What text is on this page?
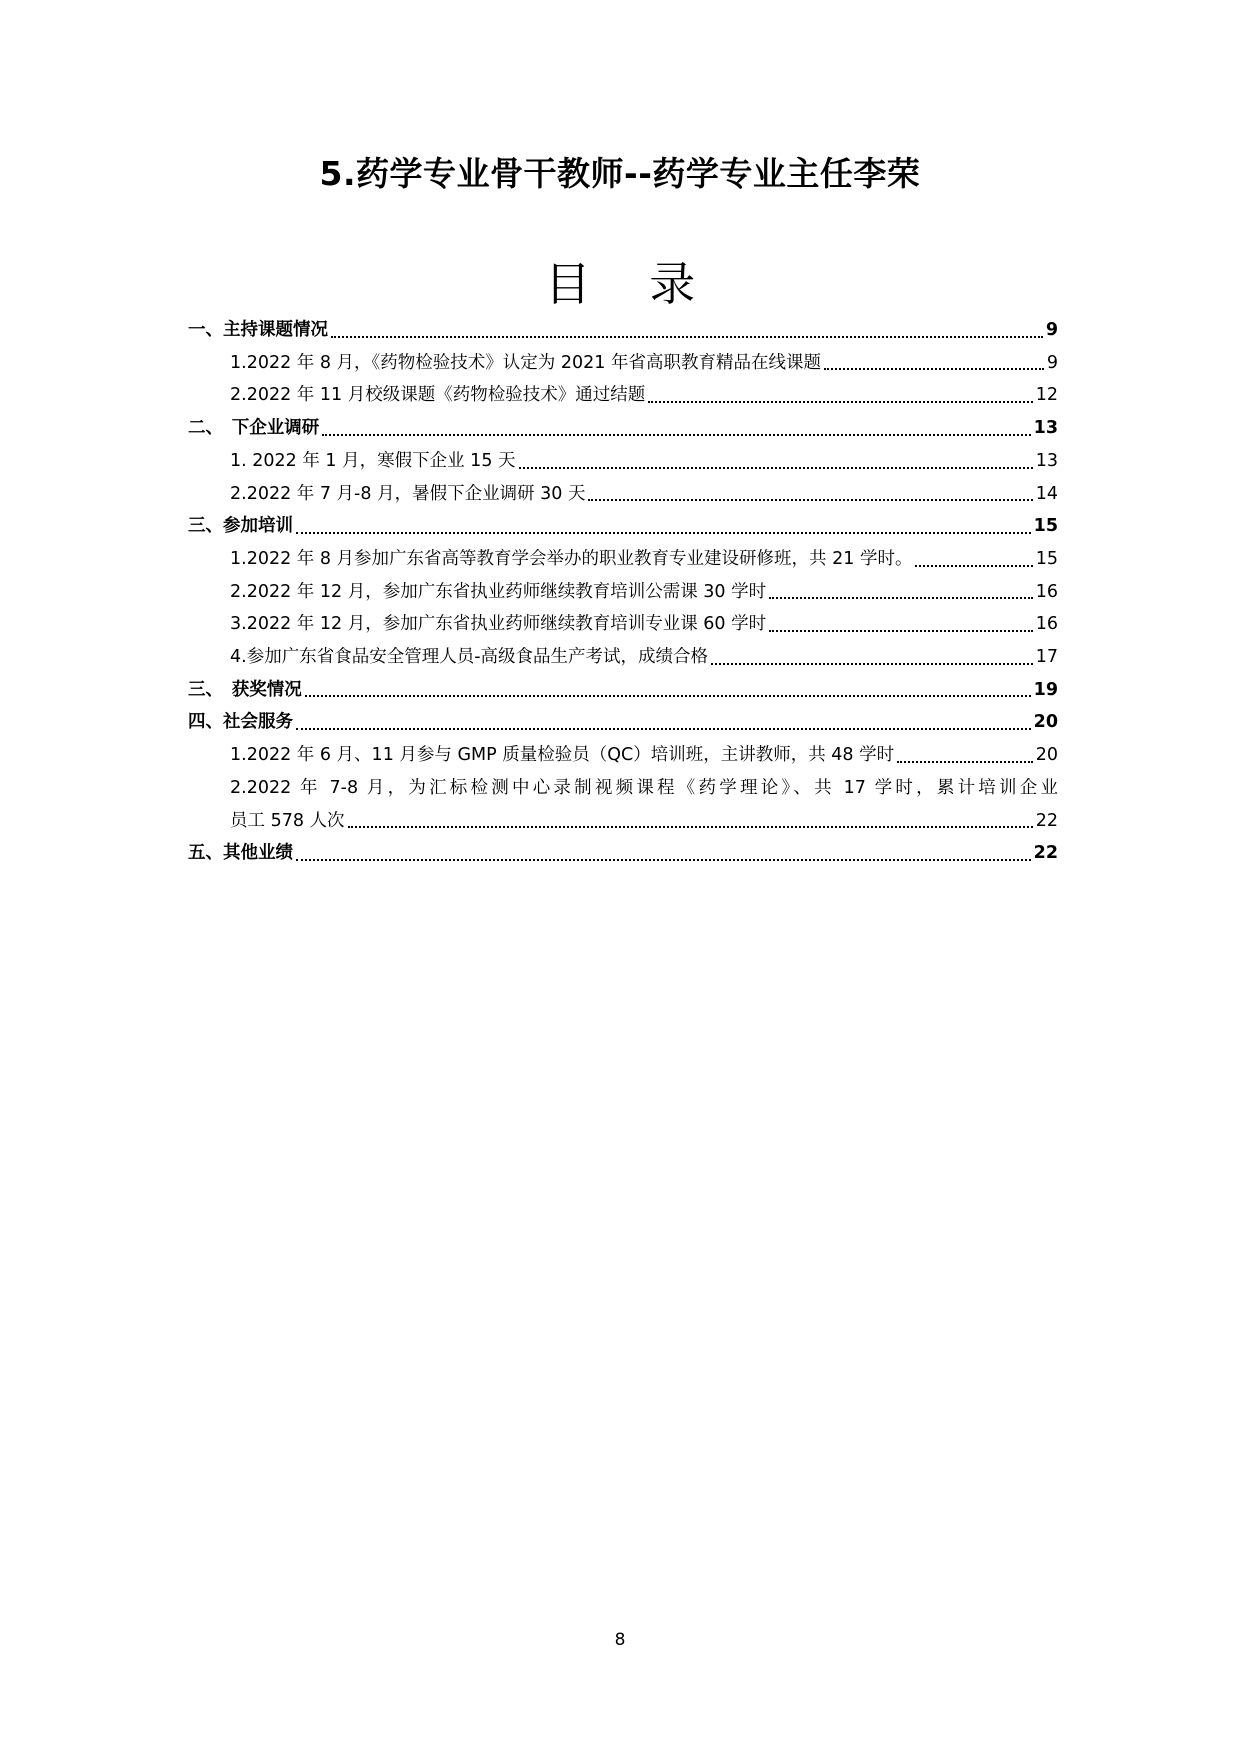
5.药学专业骨干教师--药学专业主任李荣
目 录
一、主持课题情况	9
1.2022 年 8 月，《药物检验技术》认定为 2021 年省高职教育精品在线课题	9
2.2022 年 11 月校级课题《药物检验技术》通过结题	12
二、　下企业调研	13
1. 2022 年 1 月，寒假下企业 15 天	13
2.2022 年 7 月-8 月，暑假下企业调研 30 天	14
三、参加培训	15
1.2022 年 8 月参加广东省高等教育学会举办的职业教育专业建设研修班，共 21 学时。	15
2.2022 年 12 月，参加广东省执业药师继续教育培训公需课 30 学时	16
3.2022 年 12 月，参加广东省执业药师继续教育培训专业课 60 学时	16
4.参加广东省食品安全管理人员-高级食品生产考试，成绩合格	17
三、　获奖情况	19
四、社会服务	20
1.2022 年 6 月、11 月参与 GMP 质量检验员（QC）培训班，主讲教师，共 48 学时	20
2.2022 年 7-8 月，为汇标检测中心录制视频课程《药学理论》、共 17 学时，累计培训企业
员工 578 人次	22
五、其他业绩	22
8
